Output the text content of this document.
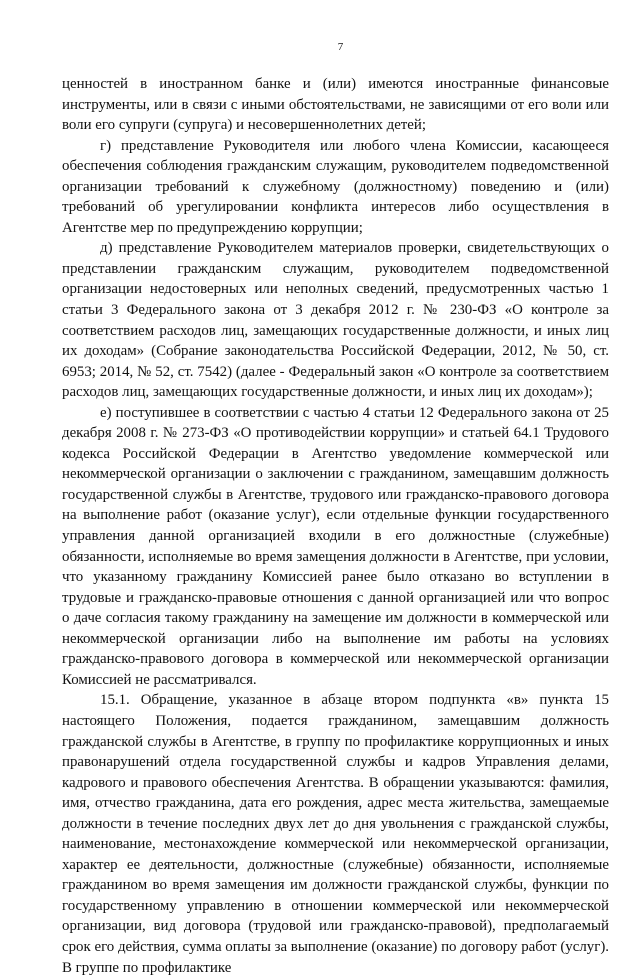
7

ценностей в иностранном банке и (или) имеются иностранные финансовые инструменты, или в связи с иными обстоятельствами, не зависящими от его воли или воли его супруги (супруга) и несовершеннолетних детей;

г) представление Руководителя или любого члена Комиссии, касающееся обеспечения соблюдения гражданским служащим, руководителем подведомственной организации требований к служебному (должностному) поведению и (или) требований об урегулировании конфликта интересов либо осуществления в Агентстве мер по предупреждению коррупции;

д) представление Руководителем материалов проверки, свидетельствующих о представлении гражданским служащим, руководителем подведомственной организации недостоверных или неполных сведений, предусмотренных частью 1 статьи 3 Федерального закона от 3 декабря 2012 г. № 230-ФЗ «О контроле за соответствием расходов лиц, замещающих государственные должности, и иных лиц их доходам» (Собрание законодательства Российской Федерации, 2012, № 50, ст. 6953; 2014, № 52, ст. 7542) (далее - Федеральный закон «О контроле за соответствием расходов лиц, замещающих государственные должности, и иных лиц их доходам»);

е) поступившее в соответствии с частью 4 статьи 12 Федерального закона от 25 декабря 2008 г. № 273-ФЗ «О противодействии коррупции» и статьей 64.1 Трудового кодекса Российской Федерации в Агентство уведомление коммерческой или некоммерческой организации о заключении с гражданином, замещавшим должность государственной службы в Агентстве, трудового или гражданско-правового договора на выполнение работ (оказание услуг), если отдельные функции государственного управления данной организацией входили в его должностные (служебные) обязанности, исполняемые во время замещения должности в Агентстве, при условии, что указанному гражданину Комиссией ранее было отказано во вступлении в трудовые и гражданско-правовые отношения с данной организацией или что вопрос о даче согласия такому гражданину на замещение им должности в коммерческой или некоммерческой организации либо на выполнение им работы на условиях гражданско-правового договора в коммерческой или некоммерческой организации Комиссией не рассматривался.

15.1. Обращение, указанное в абзаце втором подпункта «в» пункта 15 настоящего Положения, подается гражданином, замещавшим должность гражданской службы в Агентстве, в группу по профилактике коррупционных и иных правонарушений отдела государственной службы и кадров Управления делами, кадрового и правового обеспечения Агентства. В обращении указываются: фамилия, имя, отчество гражданина, дата его рождения, адрес места жительства, замещаемые должности в течение последних двух лет до дня увольнения с гражданской службы, наименование, местонахождение коммерческой или некоммерческой организации, характер ее деятельности, должностные (служебные) обязанности, исполняемые гражданином во время замещения им должности гражданской службы, функции по государственному управлению в отношении коммерческой или некоммерческой организации, вид договора (трудовой или гражданско-правовой), предполагаемый срок его действия, сумма оплаты за выполнение (оказание) по договору работ (услуг). В группе по профилактике
